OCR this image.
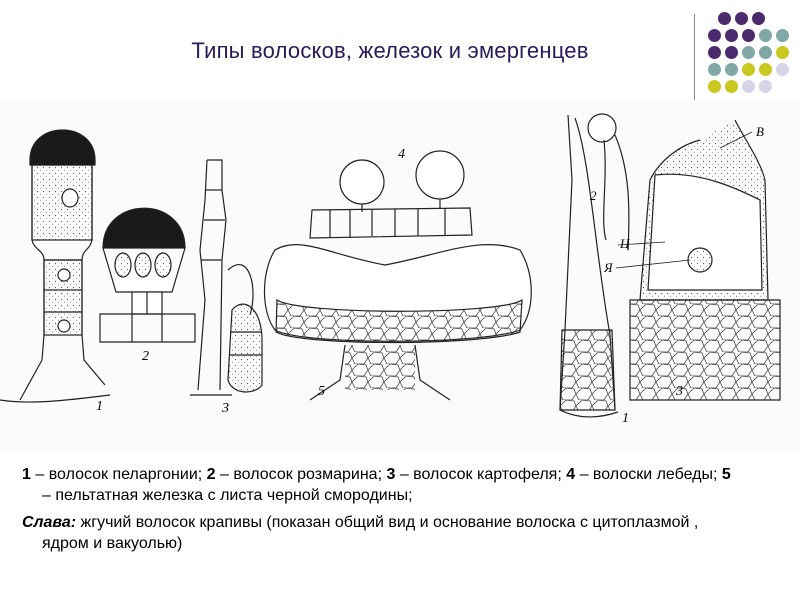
Типы волосков, железок и эмергенцев
1
2
3
4
5
2
1
В
Ц
Я
3

1 – волосок пеларгонии; 2 – волосок розмарина; 3 – волосок картофеля; 4 – волоски лебеды; 5 – пельтатная железка с листа черной смородины;

Слава: жгучий волосок крапивы (показан общий вид и основание волоска с цитоплазмой , ядром и вакуолью)
